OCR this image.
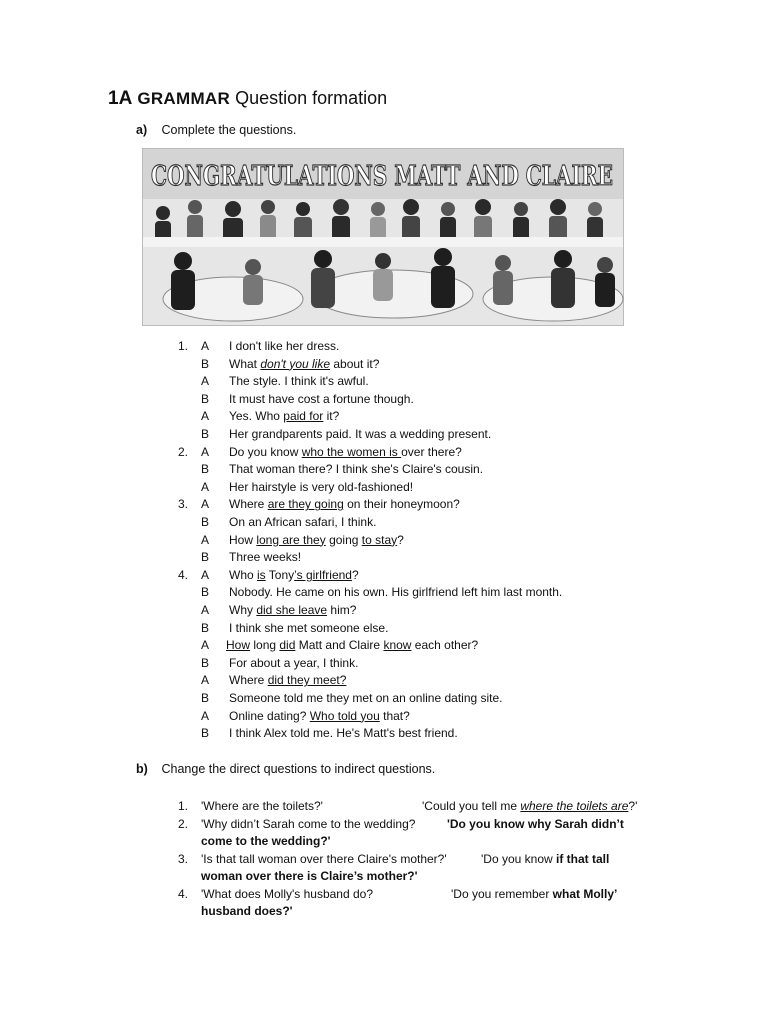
1A GRAMMAR Question formation
a) Complete the questions.
CONGRATULATIONS MATT AND CLAIRE
1.	A I don't like her dress.
B What don't you like about it?
A The style. I think it's awful.
B It must have cost a fortune though.
A Yes. Who paid for it?
B Her grandparents paid. It was a wedding present.
2.	A Do you know who the women is over there?
B That woman there? I think she's Claire's cousin.
A Her hairstyle is very old-fashioned!
3.	A Where are they going on their honeymoon?
B On an African safari, I think.
A How long are they going to stay?
B Three weeks!
4.	A Who is Tony’s girlfriend?
B Nobody. He came on his own. His girlfriend left him last month.
A Why did she leave him?
B I think she met someone else.
A How long did Matt and Claire know each other?
B For about a year, I think.
A Where did they meet?
B Someone told me they met on an online dating site.
A Online dating? Who told you that?
B I think Alex told me. He's Matt's best friend.
b) Change the direct questions to indirect questions.
1. 'Where are the toilets?'	'Could you tell me where the toilets are?'
2. 'Why didn’t Sarah come to the wedding?	'Do you know why Sarah didn’t
come to the wedding?'
3. 'Is that tall woman over there Claire's mother?'	'Do you know if that tall
woman over there is Claire’s mother?'
4. 'What does Molly's husband do?	'Do you remember what Molly’
husband does?'
